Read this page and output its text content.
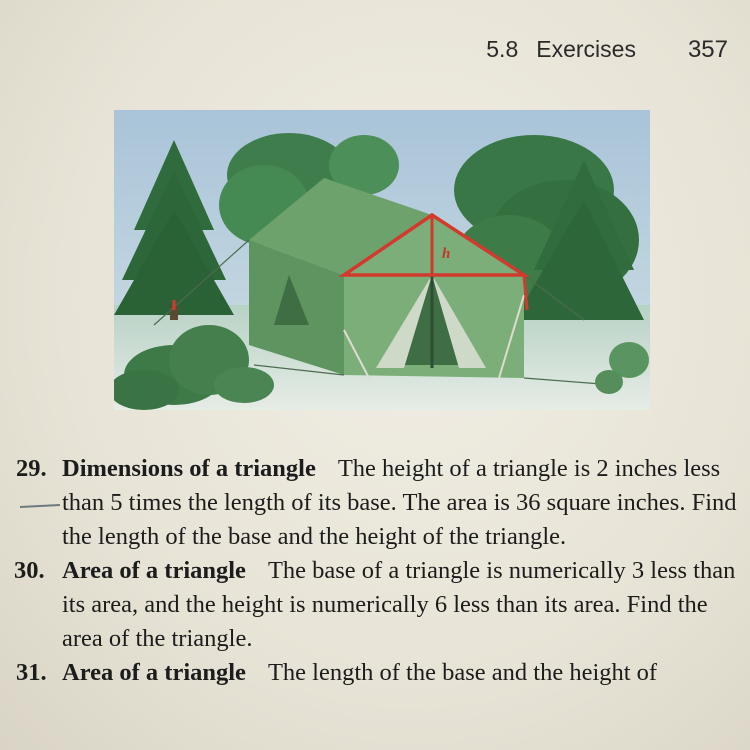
5.8 Exercises 357
h

29. Dimensions of a triangle The height of a triangle is 2 inches less than 5 times the length of its base. The area is 36 square inches. Find the length of the base and the height of the triangle.

30. Area of a triangle The base of a triangle is numerically 3 less than its area, and the height is numerically 6 less than its area. Find the area of the triangle.

31. Area of a triangle The length of the base and the height of
